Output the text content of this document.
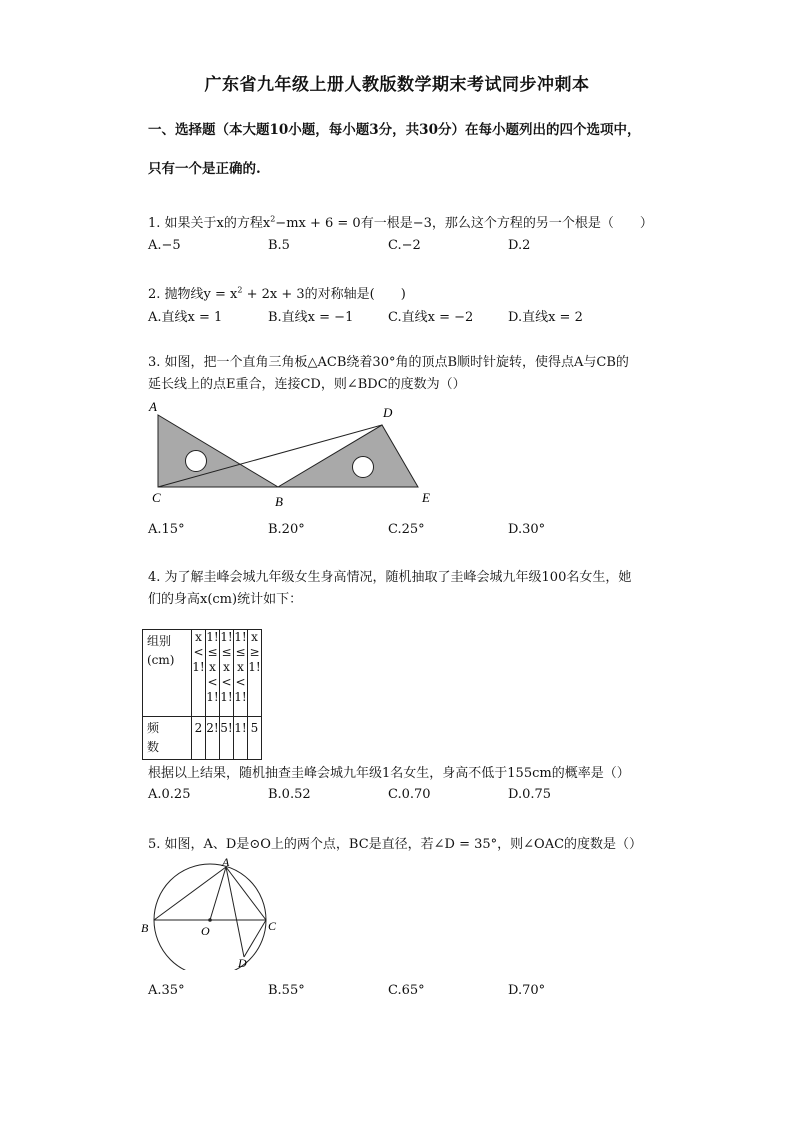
广东省九年级上册人教版数学期末考试同步冲刺本
一、选择题（本大题10小题，每小题3分，共30分）在每小题列出的四个选项中，
只有一个是正确的.
1. 如果关于x的方程$x^2-mx + 6 = 0$有一根是−3，那么这个方程的另一个根是（　　）
A.−5	B.5	C.−2	D.2
2. 抛物线$y = x^2 + 2x + 3$的对称轴是(　　)
A.直线x = 1	B.直线x = −1	C.直线x = −2	D.直线x = 2
3. 如图，把一个直角三角板△ACB绕着30°角的顶点B顺时针旋转，使得点A与CB的
延长线上的点E重合，连接CD，则∠BDC的度数为（）
A
C	B
D
E
A.15°	B.20°	C.25°	D.30°
4. 为了解圭峰会城九年级女生身高情况，随机抽取了圭峰会城九年级100名女生，她
们的身高x(cm)统计如下：
组别(cm)	x<1!	1!≤x<1!	1!≤x<1!	1!≤x<1!	x≥1!

频数	2	2!	5!	1!	5
根据以上结果，随机抽查圭峰会城九年级1名女生，身高不低于155cm的概率是（）
A.0.25	B.0.52	C.0.70	D.0.75
5. 如图，A、D是⊙O上的两个点，BC是直径，若∠D = 35°，则∠OAC的度数是（）
A
B	O	C
D
A.35°	B.55°	C.65°	D.70°
